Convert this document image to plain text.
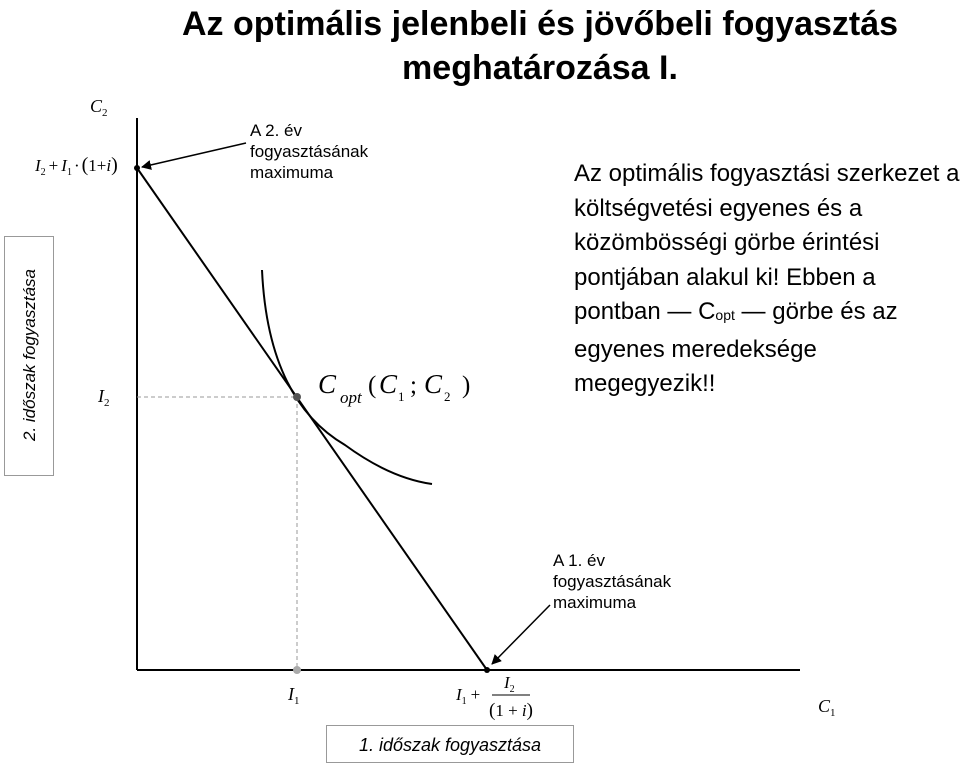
Az optimális jelenbeli és jövőbeli fogyasztás
meghatározása I.
2. időszak fogyasztása
1. időszak fogyasztása
A 2. év
fogyasztásának
maximuma
A 1. év
fogyasztásának
maximuma
Az optimális fogyasztási szerkezet a költségvetési egyenes és a közömbösségi görbe érintési pontjában alakul ki! Ebben a pontban — $C_{opt}$ — görbe és az egyenes meredeksége megegyezik!!
$C_2$
$I_2 + I_1 \cdot (1+i)$
$I_2$
$I_1$	$I_1$ +
$I_2$
(1 + i)	$C_1$
C opt ( C 1 ; C 2 )
